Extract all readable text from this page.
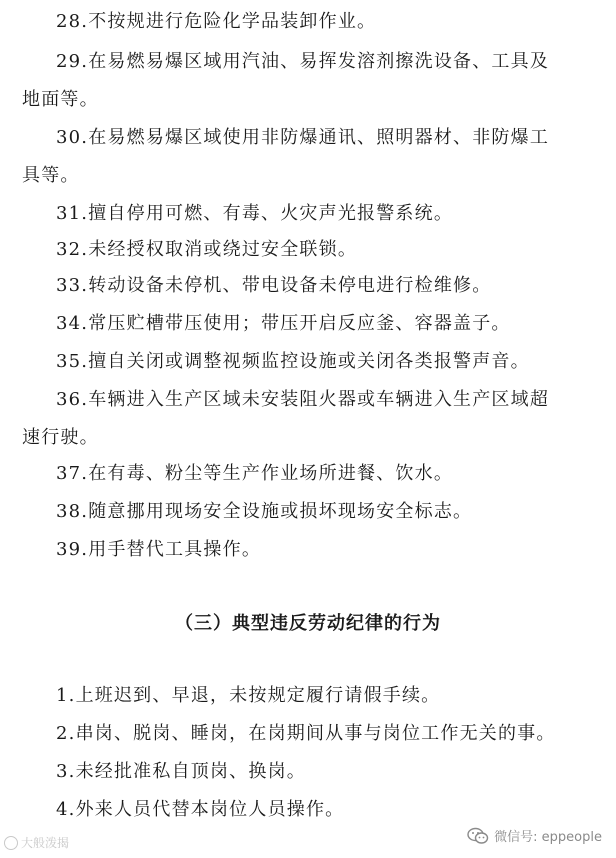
28.不按规进行危险化学品装卸作业。
29.在易燃易爆区域用汽油、易挥发溶剂擦洗设备、工具及
地面等。
30.在易燃易爆区域使用非防爆通讯、照明器材、非防爆工
具等。
31.擅自停用可燃、有毒、火灾声光报警系统。
32.未经授权取消或绕过安全联锁。
33.转动设备未停机、带电设备未停电进行检维修。
34.常压贮槽带压使用；带压开启反应釜、容器盖子。
35.擅自关闭或调整视频监控设施或关闭各类报警声音。
36.车辆进入生产区域未安装阻火器或车辆进入生产区域超
速行驶。
37.在有毒、粉尘等生产作业场所进餐、饮水。
38.随意挪用现场安全设施或损坏现场安全标志。
39.用手替代工具操作。
（三）典型违反劳动纪律的行为
1.上班迟到、早退，未按规定履行请假手续。
2.串岗、脱岗、睡岗，在岗期间从事与岗位工作无关的事。
3.未经批准私自顶岗、换岗。
4.外来人员代替本岗位人员操作。
大般泼揭	微信号: eppeople
